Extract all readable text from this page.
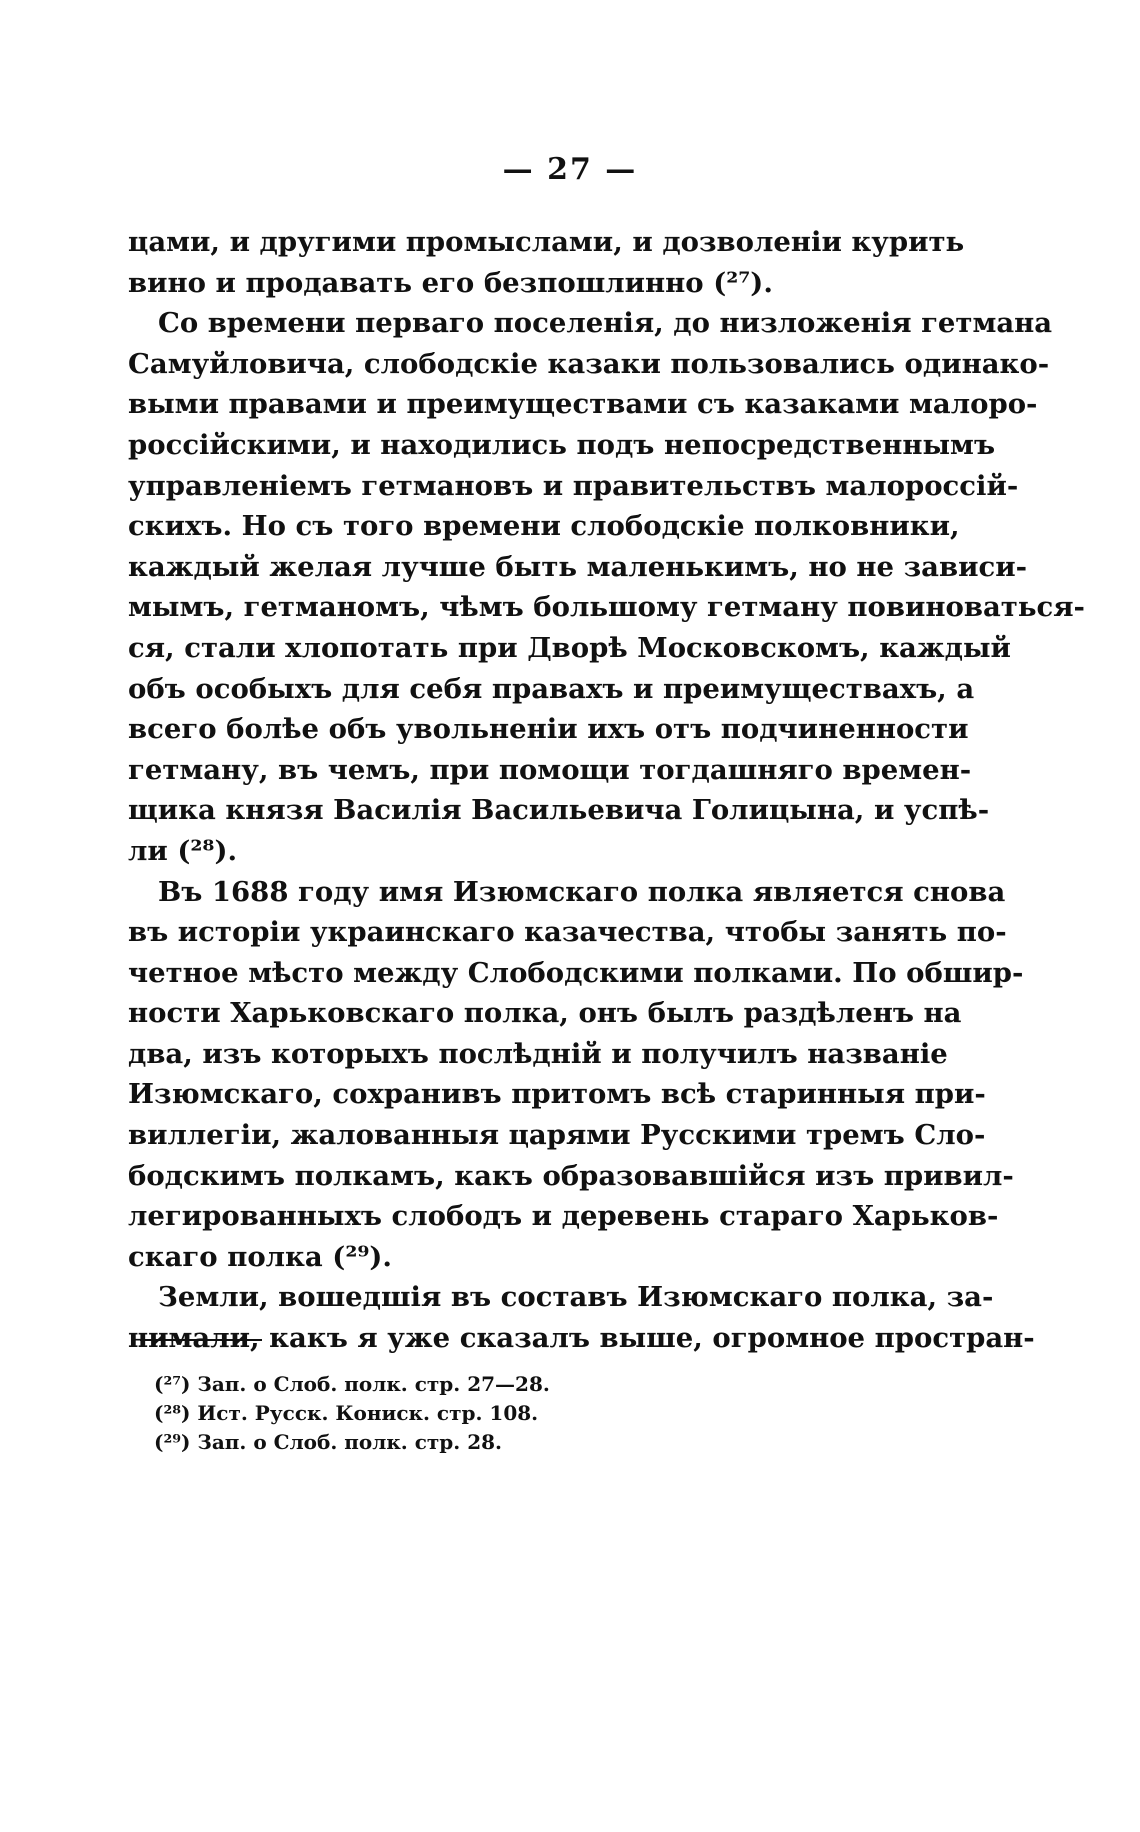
— 27 —
цами, и другими промыслами, и дозволеніи курить
вино и продавать его безпошлинно (²⁷).
Со времени перваго поселенія, до низложенія гетмана
Самуйловича, слободскіе казаки пользовались одинако-
выми правами и преимуществами съ казаками малоро-
россійскими, и находились подъ непосредственнымъ
управленіемъ гетмановъ и правительствъ малороссій-
скихъ. Но съ того времени слободскіе полковники,
каждый желая лучше быть маленькимъ, но не зависи-
мымъ, гетманомъ, чѣмъ большому гетману повиноваться-
ся, стали хлопотать при Дворѣ Московскомъ, каждый
объ особыхъ для себя правахъ и преимуществахъ, а
всего болѣе объ увольненіи ихъ отъ подчиненности
гетману, въ чемъ, при помощи тогдашняго времен-
щика князя Василія Васильевича Голицына, и успѣ-
ли (²⁸).
Въ 1688 году имя Изюмскаго полка является снова
въ исторіи украинскаго казачества, чтобы занять по-
четное мѣсто между Слободскими полками. По обшир-
ности Харьковскаго полка, онъ былъ раздѣленъ на
два, изъ которыхъ послѣдній и получилъ названіе
Изюмскаго, сохранивъ притомъ всѣ старинныя при-
виллегіи, жалованныя царями Русскими тремъ Сло-
бодскимъ полкамъ, какъ образовавшійся изъ привил-
легированныхъ слободъ и деревень стараго Харьков-
скаго полка (²⁹).
Земли, вошедшія въ составъ Изюмскаго полка, за-
нимали, какъ я уже сказалъ выше, огромное простран-
(²⁷) Зап. о Слоб. полк. стр. 27—28.
(²⁸) Ист. Русск. Кониск. стр. 108.
(²⁹) Зап. о Слоб. полк. стр. 28.
